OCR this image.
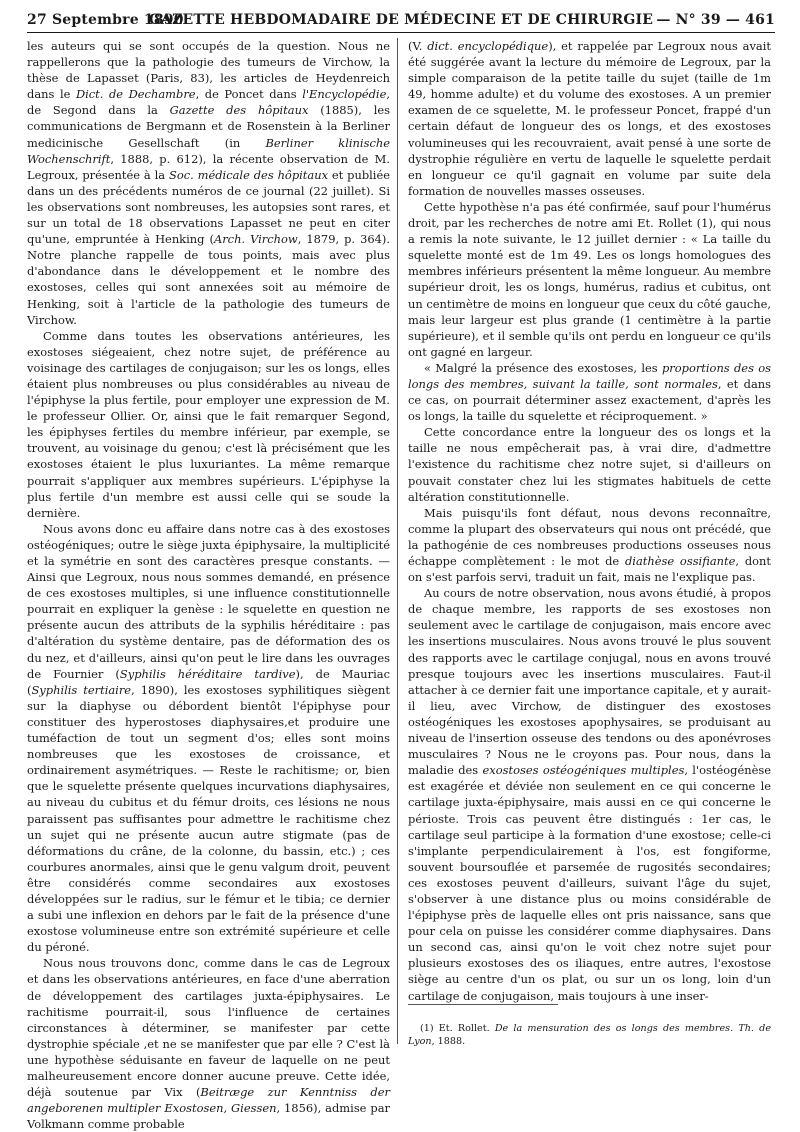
27 Septembre 1890
GAZETTE HEBDOMADAIRE DE MÉDECINE ET DE CHIRURGIE — N° 39 — 461

les auteurs qui se sont occupés de la question. Nous ne rappellerons que la pathologie des tumeurs de Virchow, la thèse de Lapasset (Paris, 83), les articles de Heydenreich dans le Dict. de Dechambre, de Poncet dans l'Encyclopédie, de Segond dans la Gazette des hôpitaux (1885), les communications de Bergmann et de Rosenstein à la Berliner medicinische Gesellschaft (in Berliner klinische Wochenschrift, 1888, p. 612), la récente observation de M. Legroux, présentée à la Soc. médicale des hôpitaux et publiée dans un des précédents numéros de ce journal (22 juillet). Si les observations sont nombreuses, les autopsies sont rares, et sur un total de 18 observations Lapasset ne peut en citer qu'une, empruntée à Henking (Arch. Virchow, 1879, p. 364). Notre planche rappelle de tous points, mais avec plus d'abondance dans le développement et le nombre des exostoses, celles qui sont annexées soit au mémoire de Henking, soit à l'article de la pathologie des tumeurs de Virchow.

Comme dans toutes les observations antérieures, les exostoses siégeaient, chez notre sujet, de préférence au voisinage des cartilages de conjugaison; sur les os longs, elles étaient plus nombreuses ou plus considérables au niveau de l'épiphyse la plus fertile, pour employer une expression de M. le professeur Ollier. Or, ainsi que le fait remarquer Segond, les épiphyses fertiles du membre inférieur, par exemple, se trouvent, au voisinage du genou; c'est là précisément que les exostoses étaient le plus luxuriantes. La même remarque pourrait s'appliquer aux membres supérieurs. L'épiphyse la plus fertile d'un membre est aussi celle qui se soude la dernière.

Nous avons donc eu affaire dans notre cas à des exostoses ostéogéniques; outre le siège juxta épiphysaire, la multiplicité et la symétrie en sont des caractères presque constants. — Ainsi que Legroux, nous nous sommes demandé, en présence de ces exostoses multiples, si une influence constitutionnelle pourrait en expliquer la genèse : le squelette en question ne présente aucun des attributs de la syphilis héréditaire : pas d'altération du système dentaire, pas de déformation des os du nez, et d'ailleurs, ainsi qu'on peut le lire dans les ouvrages de Fournier (Syphilis héréditaire tardive), de Mauriac (Syphilis tertiaire, 1890), les exostoses syphilitiques siègent sur la diaphyse ou débordent bientôt l'épiphyse pour constituer des hyperostoses diaphysaires,et produire une tuméfaction de tout un segment d'os; elles sont moins nombreuses que les exostoses de croissance, et ordinairement asymétriques. — Reste le rachitisme; or, bien que le squelette présente quelques incurvations diaphysaires, au niveau du cubitus et du fémur droits, ces lésions ne nous paraissent pas suffisantes pour admettre le rachitisme chez un sujet qui ne présente aucun autre stigmate (pas de déformations du crâne, de la colonne, du bassin, etc.) ; ces courbures anormales, ainsi que le genu valgum droit, peuvent être considérés comme secondaires aux exostoses développées sur le radius, sur le fémur et le tibia; ce dernier a subi une inflexion en dehors par le fait de la présence d'une exostose volumineuse entre son extrémité supérieure et celle du péroné.

Nous nous trouvons donc, comme dans le cas de Legroux et dans les observations antérieures, en face d'une aberration de développement des cartilages juxta-épiphysaires. Le rachitisme pourrait-il, sous l'influence de certaines circonstances à déterminer, se manifester par cette dystrophie spéciale ,et ne se manifester que par elle ? C'est là une hypothèse séduisante en faveur de laquelle on ne peut malheureusement encore donner aucune preuve. Cette idée, déjà soutenue par Vix (Beitræge zur Kenntniss der angeborenen multipler Exostosen, Giessen, 1856), admise par Volkmann comme probable

(V. dict. encyclopédique), et rappelée par Legroux nous avait été suggérée avant la lecture du mémoire de Legroux, par la simple comparaison de la petite taille du sujet (taille de 1m 49, homme adulte) et du volume des exostoses. A un premier examen de ce squelette, M. le professeur Poncet, frappé d'un certain défaut de longueur des os longs, et des exostoses volumineuses qui les recouvraient, avait pensé à une sorte de dystrophie régulière en vertu de laquelle le squelette perdait en longueur ce qu'il gagnait en volume par suite dela formation de nouvelles masses osseuses.

Cette hypothèse n'a pas été confirmée, sauf pour l'humérus droit, par les recherches de notre ami Et. Rollet (1), qui nous a remis la note suivante, le 12 juillet dernier : « La taille du squelette monté est de 1m 49. Les os longs homologues des membres inférieurs présentent la même longueur. Au membre supérieur droit, les os longs, humérus, radius et cubitus, ont un centimètre de moins en longueur que ceux du côté gauche, mais leur largeur est plus grande (1 centimètre à la partie supérieure), et il semble qu'ils ont perdu en longueur ce qu'ils ont gagné en largeur.

« Malgré la présence des exostoses, les proportions des os longs des membres, suivant la taille, sont normales, et dans ce cas, on pourrait déterminer assez exactement, d'après les os longs, la taille du squelette et réciproquement. »

Cette concordance entre la longueur des os longs et la taille ne nous empêcherait pas, à vrai dire, d'admettre l'existence du rachitisme chez notre sujet, si d'ailleurs on pouvait constater chez lui les stigmates habituels de cette altération constitutionnelle.

Mais puisqu'ils font défaut, nous devons reconnaître, comme la plupart des observateurs qui nous ont précédé, que la pathogénie de ces nombreuses productions osseuses nous échappe complètement : le mot de diathèse ossifiante, dont on s'est parfois servi, traduit un fait, mais ne l'explique pas.

Au cours de notre observation, nous avons étudié, à propos de chaque membre, les rapports de ses exostoses non seulement avec le cartilage de conjugaison, mais encore avec les insertions musculaires. Nous avons trouvé le plus souvent des rapports avec le cartilage conjugal, nous en avons trouvé presque toujours avec les insertions musculaires. Faut-il attacher à ce dernier fait une importance capitale, et y aurait-il lieu, avec Virchow, de distinguer des exostoses ostéogéniques les exostoses apophysaires, se produisant au niveau de l'insertion osseuse des tendons ou des aponévroses musculaires ? Nous ne le croyons pas. Pour nous, dans la maladie des exostoses ostéogéniques multiples, l'ostéogénèse est exagérée et déviée non seulement en ce qui concerne le cartilage juxta-épiphysaire, mais aussi en ce qui concerne le périoste. Trois cas peuvent être distingués : 1er cas, le cartilage seul participe à la formation d'une exostose; celle-ci s'implante perpendiculairement à l'os, est fongiforme, souvent boursouflée et parsemée de rugosités secondaires; ces exostoses peuvent d'ailleurs, suivant l'âge du sujet, s'observer à une distance plus ou moins considérable de l'épiphyse près de laquelle elles ont pris naissance, sans que pour cela on puisse les considérer comme diaphysaires. Dans un second cas, ainsi qu'on le voit chez notre sujet pour plusieurs exostoses des os iliaques, entre autres, l'exostose siège au centre d'un os plat, ou sur un os long, loin d'un cartilage de conjugaison, mais toujours à une inser-

(1) Et. Rollet. De la mensuration des os longs des membres. Th. de Lyon, 1888.
